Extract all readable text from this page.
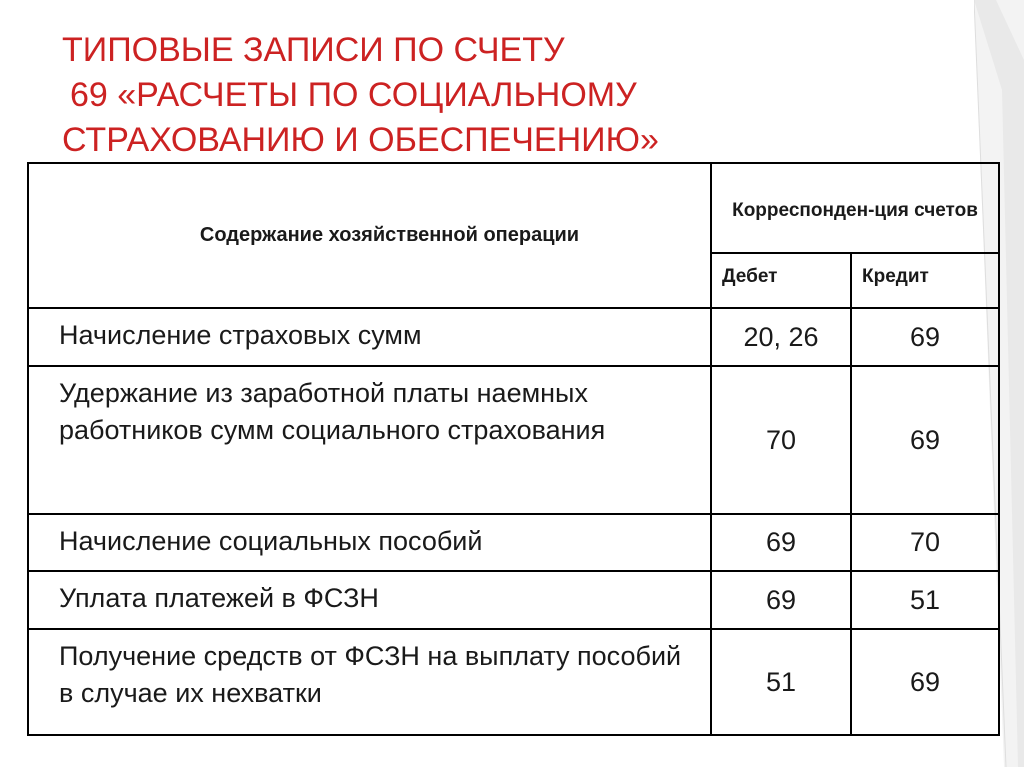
ТИПОВЫЕ ЗАПИСИ ПО СЧЕТУ
69 «РАСЧЕТЫ ПО СОЦИАЛЬНОМУ
СТРАХОВАНИЮ И ОБЕСПЕЧЕНИЮ»
Содержание хозяйственной операции	Корреспонден-ция счетов	
	Дебет	Кредит
Начисление страховых сумм	20, 26	69
Удержание из заработной платы наемных работников сумм социального страхования	70	69
Начисление социальных пособий	69	70
Уплата платежей в ФСЗН	69	51
Получение средств от ФСЗН на выплату пособий в случае их нехватки	51	69
